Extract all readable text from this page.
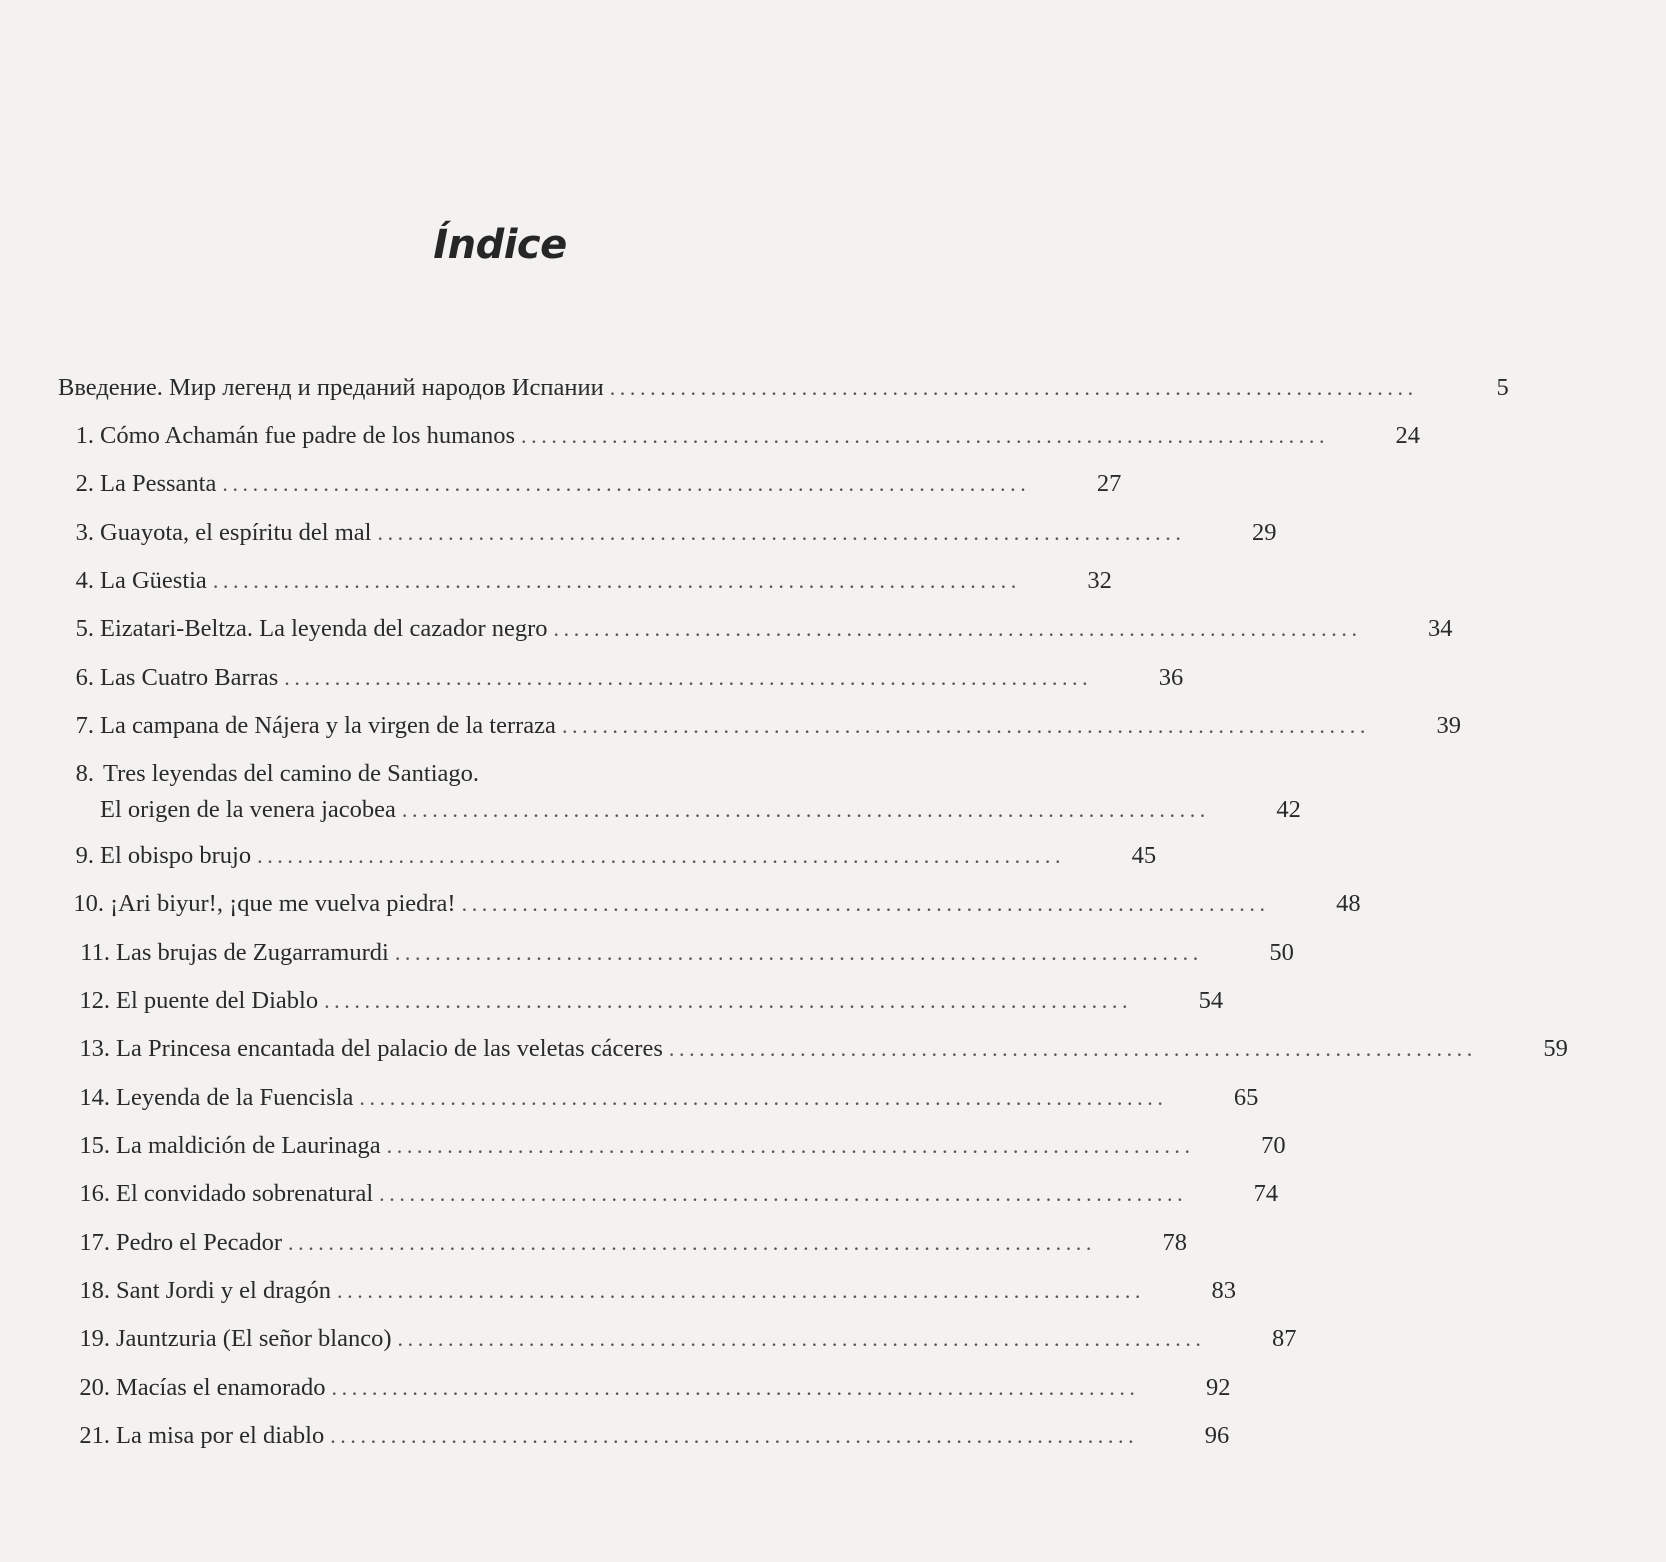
Índice
Введение. Мир легенд и преданий народов Испании ................................................................................	5
1. Cómo Achamán fue padre de los humanos ................................................................................	24
2. La Pessanta ................................................................................	27
3. Guayota, el espíritu del mal ................................................................................	29
4. La Güestia ................................................................................	32
5. Eizatari-Beltza. La leyenda del cazador negro ................................................................................	34
6. Las Cuatro Barras ................................................................................	36
7. La campana de Nájera y la virgen de la terraza ................................................................................	39
Tres leyendas del camino de Santiago.
8.
El origen de la venera jacobea ................................................................................	42
9. El obispo brujo ................................................................................	45
10. ¡Ari biyur!, ¡que me vuelva piedra! ................................................................................	48
11. Las brujas de Zugarramurdi ................................................................................	50
12. El puente del Diablo ................................................................................	54
13. La Princesa encantada del palacio de las veletas cáceres ................................................................................	59
14. Leyenda de la Fuencisla ................................................................................	65
15. La maldición de Laurinaga ................................................................................	70
16. El convidado sobrenatural ................................................................................	74
17. Pedro el Pecador ................................................................................	78
18. Sant Jordi y el dragón ................................................................................	83
19. Jauntzuria (El señor blanco) ................................................................................	87
20. Macías el enamorado ................................................................................	92
21. La misa por el diablo ................................................................................	96
